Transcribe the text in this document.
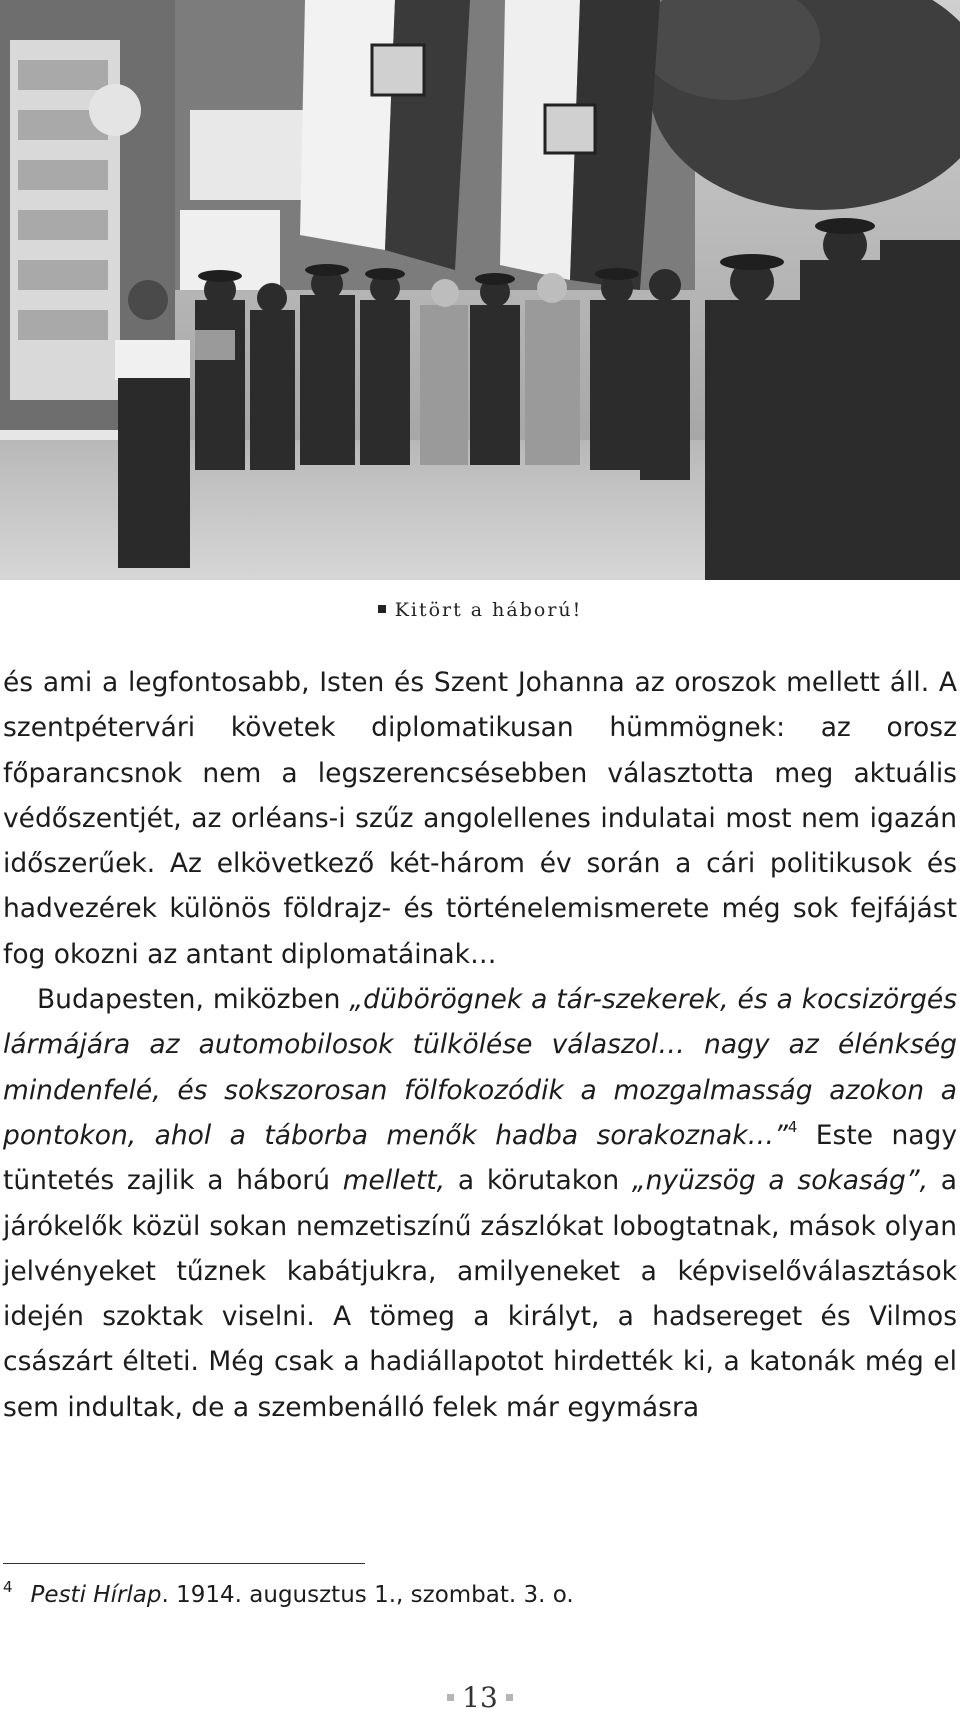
Kitört a háború!

és ami a legfontosabb, Isten és Szent Johanna az oroszok mellett áll. A szentpétervári követek diplomatikusan hümmögnek: az orosz főparancsnok nem a legszerencsésebben választotta meg aktuális védőszentjét, az orléans-i szűz angolellenes indulatai most nem igazán időszerűek. Az elkövetkező két-három év során a cári politikusok és hadvezérek különös földrajz- és történelemismerete még sok fejfájást fog okozni az antant diplomatáinak…

Budapesten, miközben „dübörögnek a tár-szekerek, és a kocsizörgés lármájára az automobilosok tülkölése válaszol… nagy az élénkség mindenfelé, és sokszorosan fölfokozódik a mozgalmasság azokon a pontokon, ahol a táborba menők hadba sorakoznak…”$^4$ Este nagy tüntetés zajlik a háború mellett, a körutakon „nyüzsög a sokaság”, a járókelők közül sokan nemzetiszínű zászlókat lobogtatnak, mások olyan jelvényeket tűznek kabátjukra, amilyeneket a képviselőválasztások idején szoktak viselni. A tömeg a királyt, a hadsereget és Vilmos császárt élteti. Még csak a hadiállapotot hirdették ki, a katonák még el sem indultak, de a szembenálló felek már egymásra

$^4$ Pesti Hírlap. 1914. augusztus 1., szombat. 3. o.
13
